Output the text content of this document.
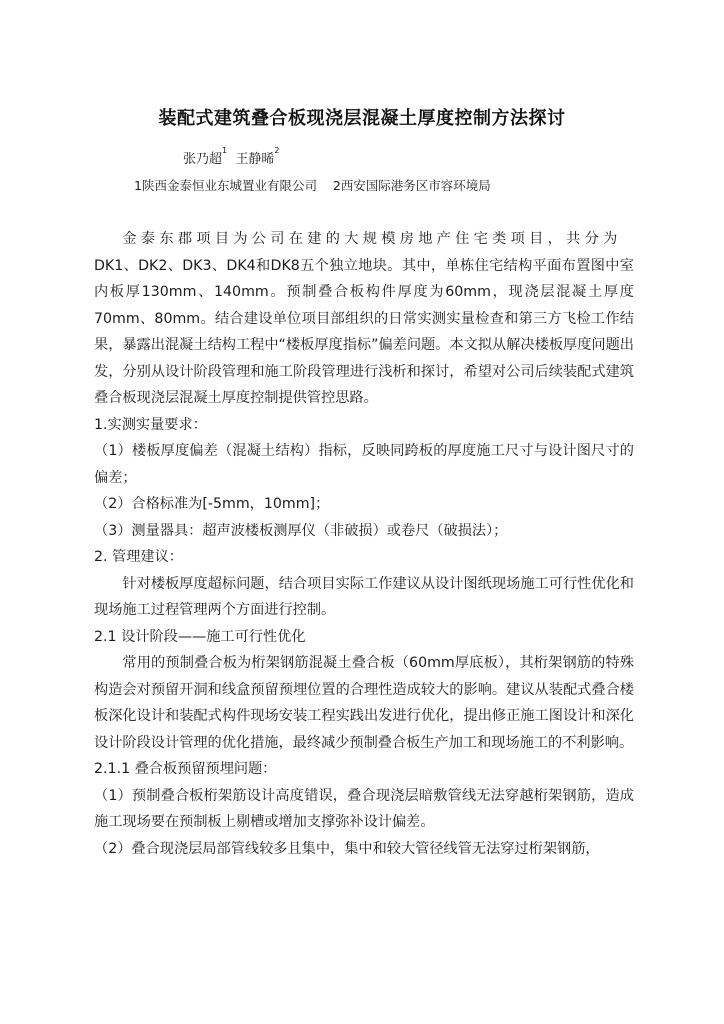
装配式建筑叠合板现浇层混凝土厚度控制方法探讨
张乃超$^1$  王静晞$^2$
1陕西金泰恒业东城置业有限公司    2西安国际港务区市容环境局

金泰东郡项目为公司在建的大规模房地产住宅类项目，共分为

DK1、DK2、DK3、DK4和DK8五个独立地块。其中，单栋住宅结构平面布置图中室内板厚130mm、140mm。预制叠合板构件厚度为60mm，现浇层混凝土厚度70mm、80mm。结合建设单位项目部组织的日常实测实量检查和第三方飞检工作结果，暴露出混凝土结构工程中“楼板厚度指标”偏差问题。本文拟从解决楼板厚度问题出发，分别从设计阶段管理和施工阶段管理进行浅析和探讨，希望对公司后续装配式建筑叠合板现浇层混凝土厚度控制提供管控思路。

1.实测实量要求：

（1）楼板厚度偏差（混凝土结构）指标，反映同跨板的厚度施工尺寸与设计图尺寸的偏差；

（2）合格标准为[-5mm，10mm]；

（3）测量器具：超声波楼板测厚仪（非破损）或卷尺（破损法）；

2. 管理建议：

针对楼板厚度超标问题，结合项目实际工作建议从设计图纸现场施工可行性优化和现场施工过程管理两个方面进行控制。

2.1 设计阶段——施工可行性优化

常用的预制叠合板为桁架钢筋混凝土叠合板（60mm厚底板），其桁架钢筋的特殊构造会对预留开洞和线盒预留预埋位置的合理性造成较大的影响。建议从装配式叠合楼板深化设计和装配式构件现场安装工程实践出发进行优化，提出修正施工图设计和深化设计阶段设计管理的优化措施，最终减少预制叠合板生产加工和现场施工的不利影响。

2.1.1 叠合板预留预埋问题：

（1）预制叠合板桁架筋设计高度错误，叠合现浇层暗敷管线无法穿越桁架钢筋，造成施工现场要在预制板上剔槽或增加支撑弥补设计偏差。

（2）叠合现浇层局部管线较多且集中，集中和较大管径线管无法穿过桁架钢筋，
